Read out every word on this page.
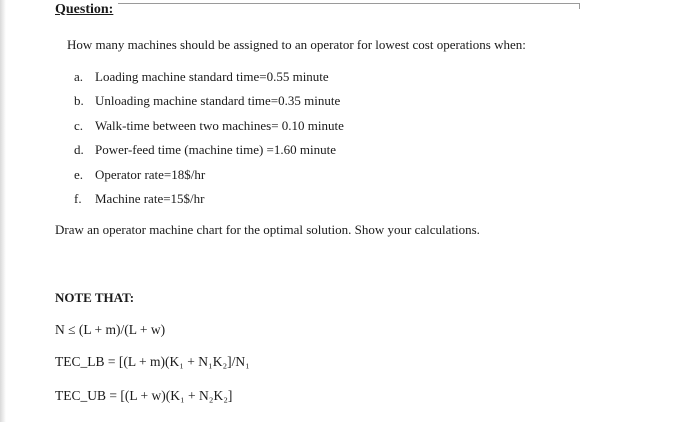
Question:

How many machines should be assigned to an operator for lowest cost operations when:

a. Loading machine standard time=0.55 minute
b. Unloading machine standard time=0.35 minute
c. Walk-time between two machines= 0.10 minute
d. Power-feed time (machine time) =1.60 minute
e. Operator rate=18$/hr
f. Machine rate=15$/hr

Draw an operator machine chart for the optimal solution. Show your calculations.

NOTE THAT:

N ≤ (L + m)/(L + w)

TEC_LB = [(L + m)(K₁ + N₁K₂]/N₁

TEC_UB = [(L + w)(K₁ + N₂K₂]
